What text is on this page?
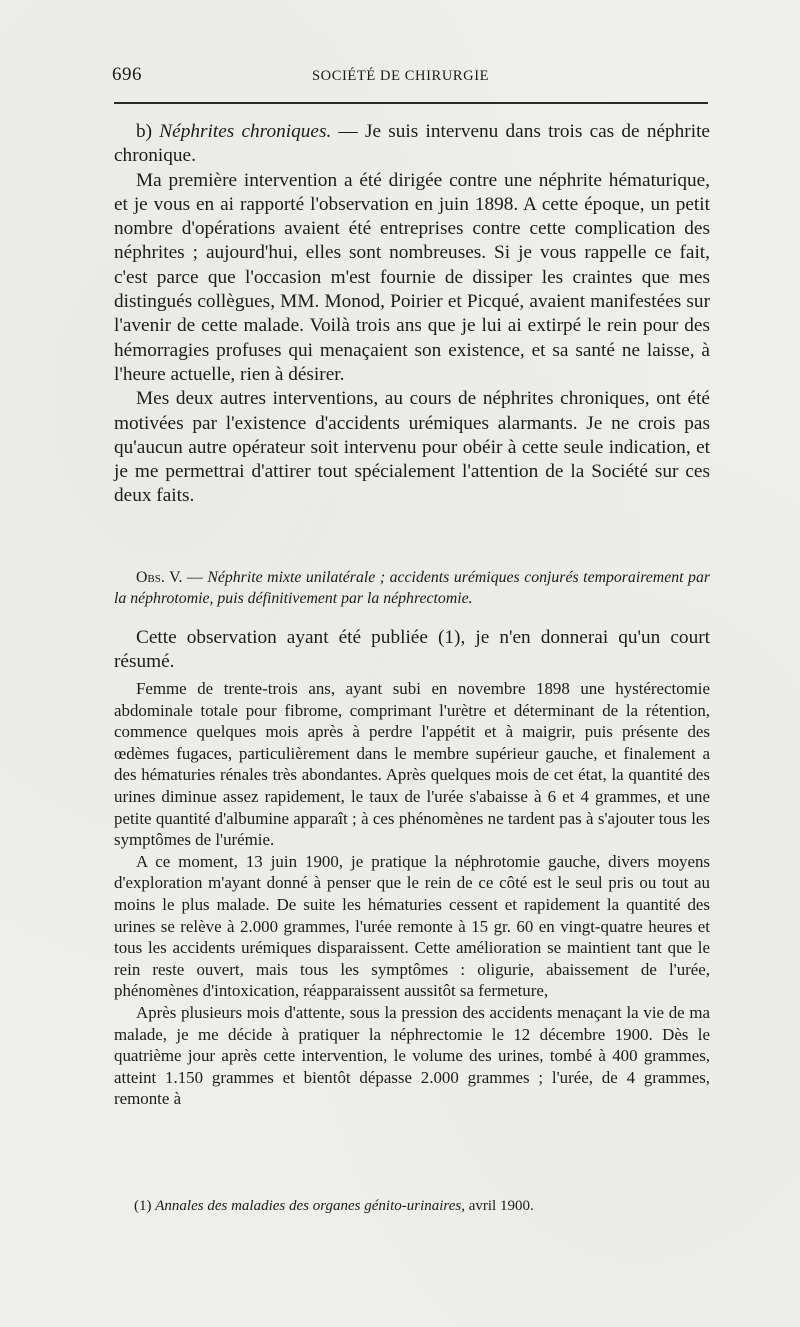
696	SOCIÉTÉ DE CHIRURGIE

b) Néphrites chroniques. — Je suis intervenu dans trois cas de néphrite chronique.

Ma première intervention a été dirigée contre une néphrite hématurique, et je vous en ai rapporté l'observation en juin 1898. A cette époque, un petit nombre d'opérations avaient été entreprises contre cette complication des néphrites ; aujourd'hui, elles sont nombreuses. Si je vous rappelle ce fait, c'est parce que l'occasion m'est fournie de dissiper les craintes que mes distingués collègues, MM. Monod, Poirier et Picqué, avaient manifestées sur l'avenir de cette malade. Voilà trois ans que je lui ai extirpé le rein pour des hémorragies profuses qui menaçaient son existence, et sa santé ne laisse, à l'heure actuelle, rien à désirer.

Mes deux autres interventions, au cours de néphrites chroniques, ont été motivées par l'existence d'accidents urémiques alarmants. Je ne crois pas qu'aucun autre opérateur soit intervenu pour obéir à cette seule indication, et je me permettrai d'attirer tout spécialement l'attention de la Société sur ces deux faits.

Obs. V. — Néphrite mixte unilatérale ; accidents urémiques conjurés temporairement par la néphrotomie, puis définitivement par la néphrectomie.

Cette observation ayant été publiée (1), je n'en donnerai qu'un court résumé.

Femme de trente-trois ans, ayant subi en novembre 1898 une hystérectomie abdominale totale pour fibrome, comprimant l'urètre et déterminant de la rétention, commence quelques mois après à perdre l'appétit et à maigrir, puis présente des œdèmes fugaces, particulièrement dans le membre supérieur gauche, et finalement a des hématuries rénales très abondantes. Après quelques mois de cet état, la quantité des urines diminue assez rapidement, le taux de l'urée s'abaisse à 6 et 4 grammes, et une petite quantité d'albumine apparaît ; à ces phénomènes ne tardent pas à s'ajouter tous les symptômes de l'urémie.

A ce moment, 13 juin 1900, je pratique la néphrotomie gauche, divers moyens d'exploration m'ayant donné à penser que le rein de ce côté est le seul pris ou tout au moins le plus malade. De suite les hématuries cessent et rapidement la quantité des urines se relève à 2.000 grammes, l'urée remonte à 15 gr. 60 en vingt-quatre heures et tous les accidents urémiques disparaissent. Cette amélioration se maintient tant que le rein reste ouvert, mais tous les symptômes : oligurie, abaissement de l'urée, phénomènes d'intoxication, réapparaissent aussitôt sa fermeture,

Après plusieurs mois d'attente, sous la pression des accidents menaçant la vie de ma malade, je me décide à pratiquer la néphrectomie le 12 décembre 1900. Dès le quatrième jour après cette intervention, le volume des urines, tombé à 400 grammes, atteint 1.150 grammes et bientôt dépasse 2.000 grammes ; l'urée, de 4 grammes, remonte à

(1) Annales des maladies des organes génito-urinaires, avril 1900.
